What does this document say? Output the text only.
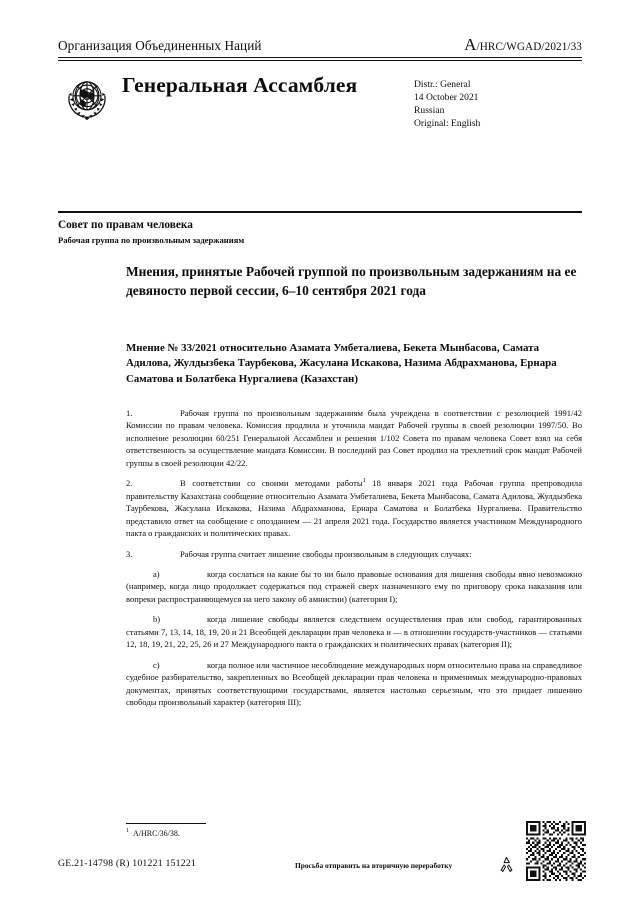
Организация Объединенных Наций	A/HRC/WGAD/2021/33
Генеральная Ассамблея	Distr.: General
14 October 2021
Russian
Original: English
Совет по правам человека
Рабочая группа по произвольным задержаниям
Мнения, принятые Рабочей группой по произвольным задержаниям на ее девяносто первой сессии, 6–10 сентября 2021 года
Мнение № 33/2021 относительно Азамата Умбеталиева, Бекета Мынбасова, Самата Адилова, Жулдызбека Таурбекова, Жасулана Искакова, Назима Абдрахманова, Ернара Саматова и Болатбека Нургалиева (Казахстан)
1.	Рабочая группа по произвольным задержаниям была учреждена в соответствии с резолюцией 1991/42 Комиссии по правам человека. Комиссия продлила и уточнила мандат Рабочей группы в своей резолюции 1997/50. Во исполнение резолюции 60/251 Генеральной Ассамблеи и решения 1/102 Совета по правам человека Совет взял на себя ответственность за осуществление мандата Комиссии. В последний раз Совет продлил на трехлетний срок мандат Рабочей группы в своей резолюции 42/22.
2.	В соответствии со своими методами работы$^1$ 18 января 2021 года Рабочая группа препроводила правительству Казахстана сообщение относительно Азамата Умбеталиева, Бекета Мынбасова, Самата Адилова, Жулдызбека Таурбекова, Жасулана Искакова, Назима Абдрахманова, Ернара Саматова и Болатбека Нургалиева. Правительство представило ответ на сообщение с опозданием — 21 апреля 2021 года. Государство является участником Международного пакта о гражданских и политических правах.
3.	Рабочая группа считает лишение свободы произвольным в следующих случаях:
a)	когда сослаться на какие бы то ни было правовые основания для лишения свободы явно невозможно (например, когда лицо продолжает содержаться под стражей сверх назначенного ему по приговору срока наказания или вопреки распространяющемуся на него закону об амнистии) (категория I);
b)	когда лишение свободы является следствием осуществления прав или свобод, гарантированных статьями 7, 13, 14, 18, 19, 20 и 21 Всеобщей декларации прав человека и — в отношении государств-участников — статьями 12, 18, 19, 21, 22, 25, 26 и 27 Международного пакта о гражданских и политических правах (категория II);
c)	когда полное или частичное несоблюдение международных норм относительно права на справедливое судебное разбирательство, закрепленных во Всеобщей декларации прав человека и применимых международно-правовых документах, принятых соответствующими государствами, является настолько серьезным, что это придает лишению свободы произвольный характер (категория III);
$^1$ A/HRC/36/38.
GE.21-14798 (R) 101221 151221	Просьба отправить на вторичную переработку
